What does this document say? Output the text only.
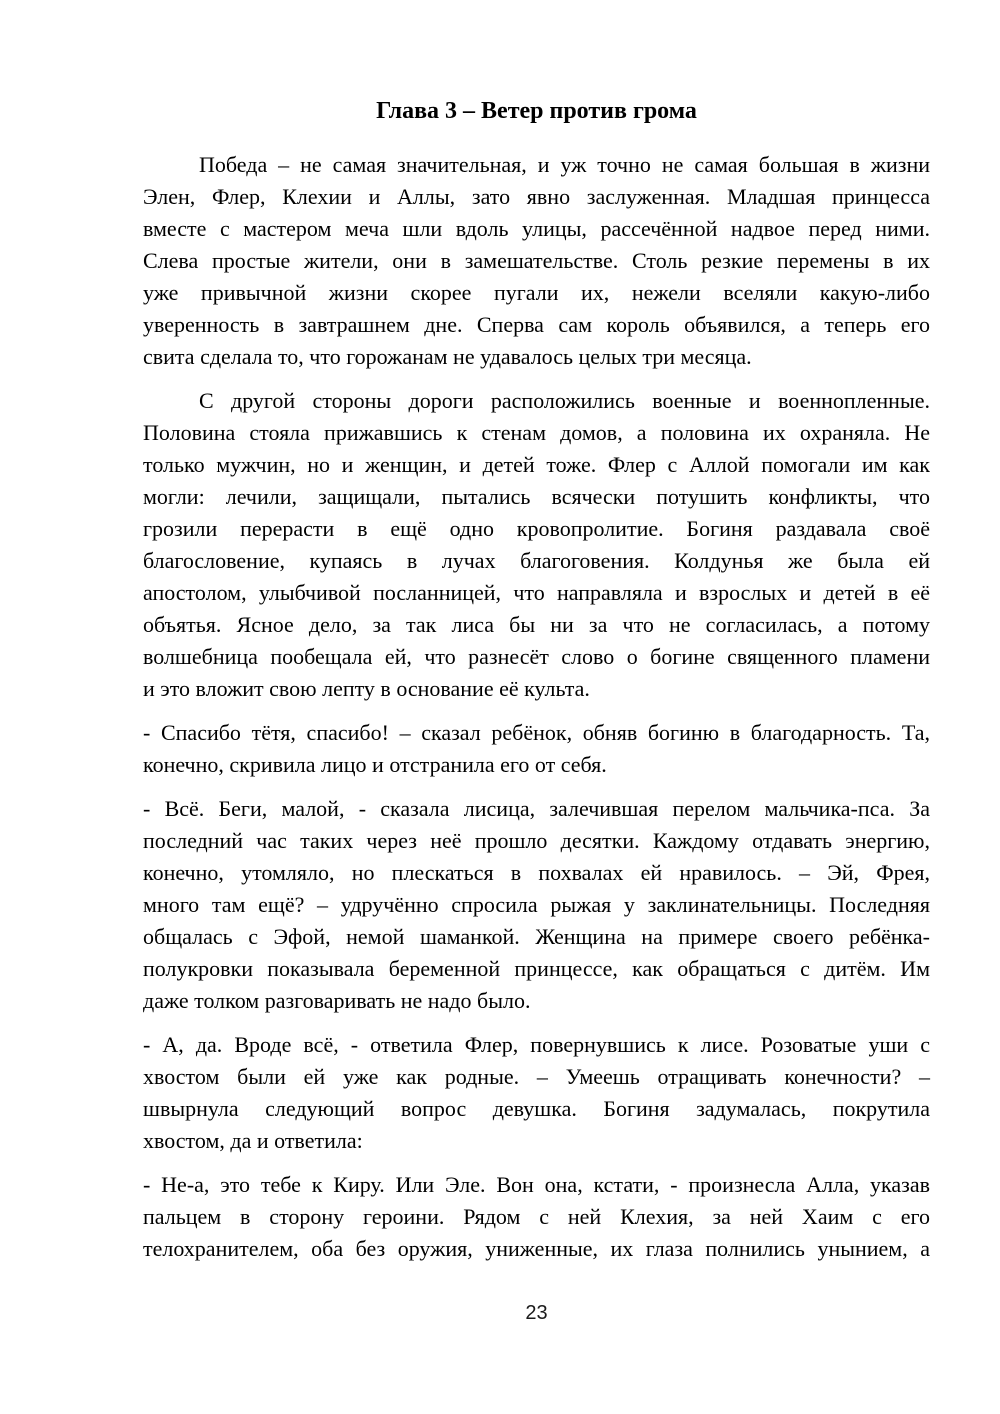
Глава 3 – Ветер против грома
Победа – не самая значительная, и уж точно не самая большая в жизни
Элен, Флер, Клехии и Аллы, зато явно заслуженная. Младшая принцесса
вместе с мастером меча шли вдоль улицы, рассечённой надвое перед ними.
Слева простые жители, они в замешательстве. Столь резкие перемены в их
уже привычной жизни скорее пугали их, нежели вселяли какую-либо
уверенность в завтрашнем дне. Сперва сам король объявился, а теперь его
свита сделала то, что горожанам не удавалось целых три месяца.
С другой стороны дороги расположились военные и военнопленные.
Половина стояла прижавшись к стенам домов, а половина их охраняла. Не
только мужчин, но и женщин, и детей тоже. Флер с Аллой помогали им как
могли: лечили, защищали, пытались всячески потушить конфликты, что
грозили перерасти в ещё одно кровопролитие. Богиня раздавала своё
благословение, купаясь в лучах благоговения. Колдунья же была ей
апостолом, улыбчивой посланницей, что направляла и взрослых и детей в её
объятья. Ясное дело, за так лиса бы ни за что не согласилась, а потому
волшебница пообещала ей, что разнесёт слово о богине священного пламени
и это вложит свою лепту в основание её культа.
- Спасибо тётя, спасибо! – сказал ребёнок, обняв богиню в благодарность. Та,
конечно, скривила лицо и отстранила его от себя.
- Всё. Беги, малой, - сказала лисица, залечившая перелом мальчика-пса. За
последний час таких через неё прошло десятки. Каждому отдавать энергию,
конечно, утомляло, но плескаться в похвалах ей нравилось. – Эй, Фрея,
много там ещё? – удручённо спросила рыжая у заклинательницы. Последняя
общалась с Эфой, немой шаманкой. Женщина на примере своего ребёнка-
полукровки показывала беременной принцессе, как обращаться с дитём. Им
даже толком разговаривать не надо было.
- А, да. Вроде всё, - ответила Флер, повернувшись к лисе. Розоватые уши с
хвостом были ей уже как родные. – Умеешь отращивать конечности? –
швырнула следующий вопрос девушка. Богиня задумалась, покрутила
хвостом, да и ответила:
- Не-а, это тебе к Киру. Или Эле. Вон она, кстати, - произнесла Алла, указав
пальцем в сторону героини. Рядом с ней Клехия, за ней Хаим с его
телохранителем, оба без оружия, униженные, их глаза полнились унынием, а
23
